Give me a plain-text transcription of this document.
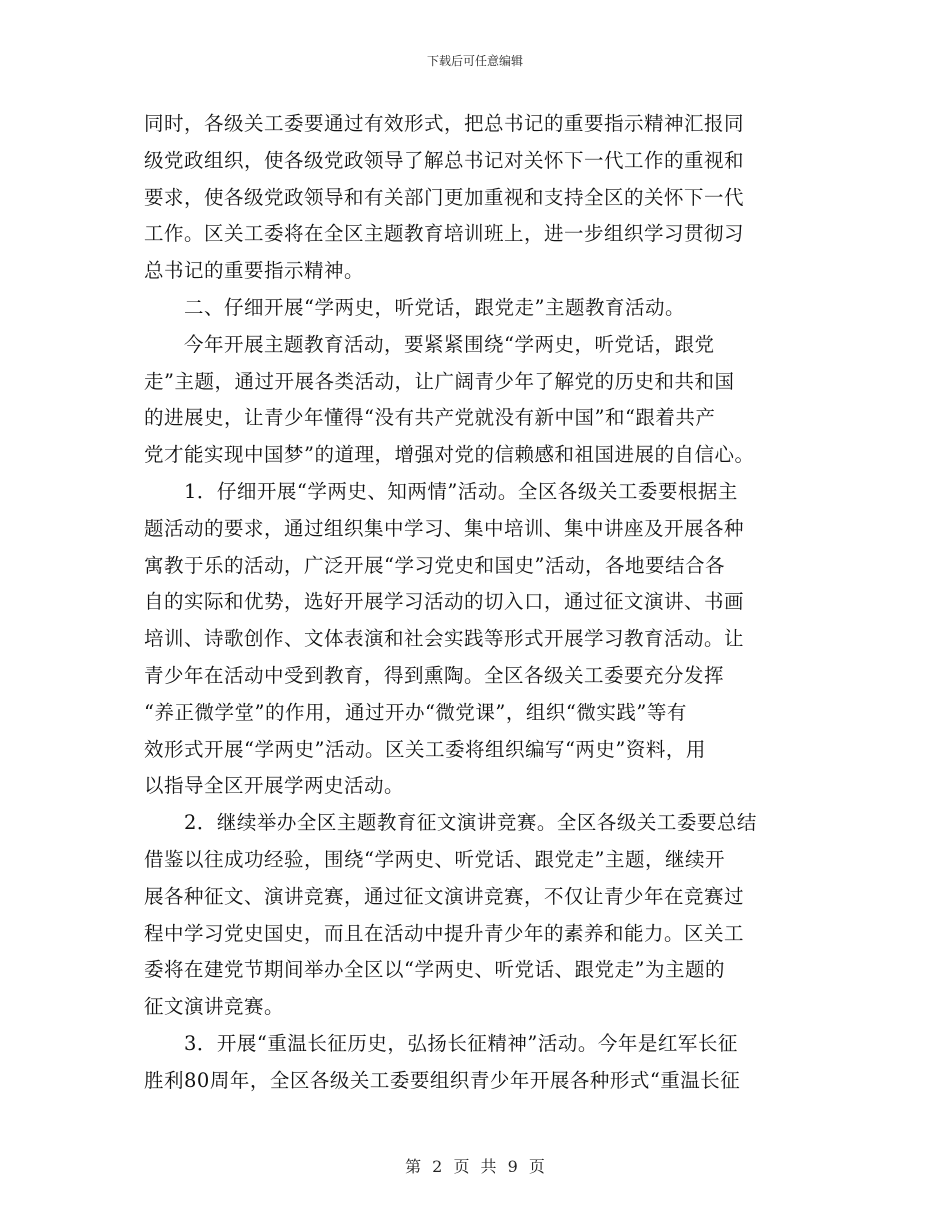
下载后可任意编辑
同时，各级关工委要通过有效形式，把总书记的重要指示精神汇报同
级党政组织，使各级党政领导了解总书记对关怀下一代工作的重视和
要求，使各级党政领导和有关部门更加重视和支持全区的关怀下一代
工作。区关工委将在全区主题教育培训班上，进一步组织学习贯彻习
总书记的重要指示精神。
　　二、仔细开展“学两史，听党话，跟党走”主题教育活动。
　　今年开展主题教育活动，要紧紧围绕“学两史，听党话，跟党
走”主题，通过开展各类活动，让广阔青少年了解党的历史和共和国
的进展史，让青少年懂得“没有共产党就没有新中国”和“跟着共产
党才能实现中国梦”的道理，增强对党的信赖感和祖国进展的自信心。
　　1．仔细开展“学两史、知两情”活动。全区各级关工委要根据主
题活动的要求，通过组织集中学习、集中培训、集中讲座及开展各种
寓教于乐的活动，广泛开展“学习党史和国史”活动，各地要结合各
自的实际和优势，选好开展学习活动的切入口，通过征文演讲、书画
培训、诗歌创作、文体表演和社会实践等形式开展学习教育活动。让
青少年在活动中受到教育，得到熏陶。全区各级关工委要充分发挥
“养正微学堂”的作用，通过开办“微党课”，组织“微实践”等有
效形式开展“学两史”活动。区关工委将组织编写“两史”资料，用
以指导全区开展学两史活动。
　　2．继续举办全区主题教育征文演讲竞赛。全区各级关工委要总结
借鉴以往成功经验，围绕“学两史、听党话、跟党走”主题，继续开
展各种征文、演讲竞赛，通过征文演讲竞赛，不仅让青少年在竞赛过
程中学习党史国史，而且在活动中提升青少年的素养和能力。区关工
委将在建党节期间举办全区以“学两史、听党话、跟党走”为主题的
征文演讲竞赛。
　　3．开展“重温长征历史，弘扬长征精神”活动。今年是红军长征
胜利80周年，全区各级关工委要组织青少年开展各种形式“重温长征
第 2 页 共 9 页
